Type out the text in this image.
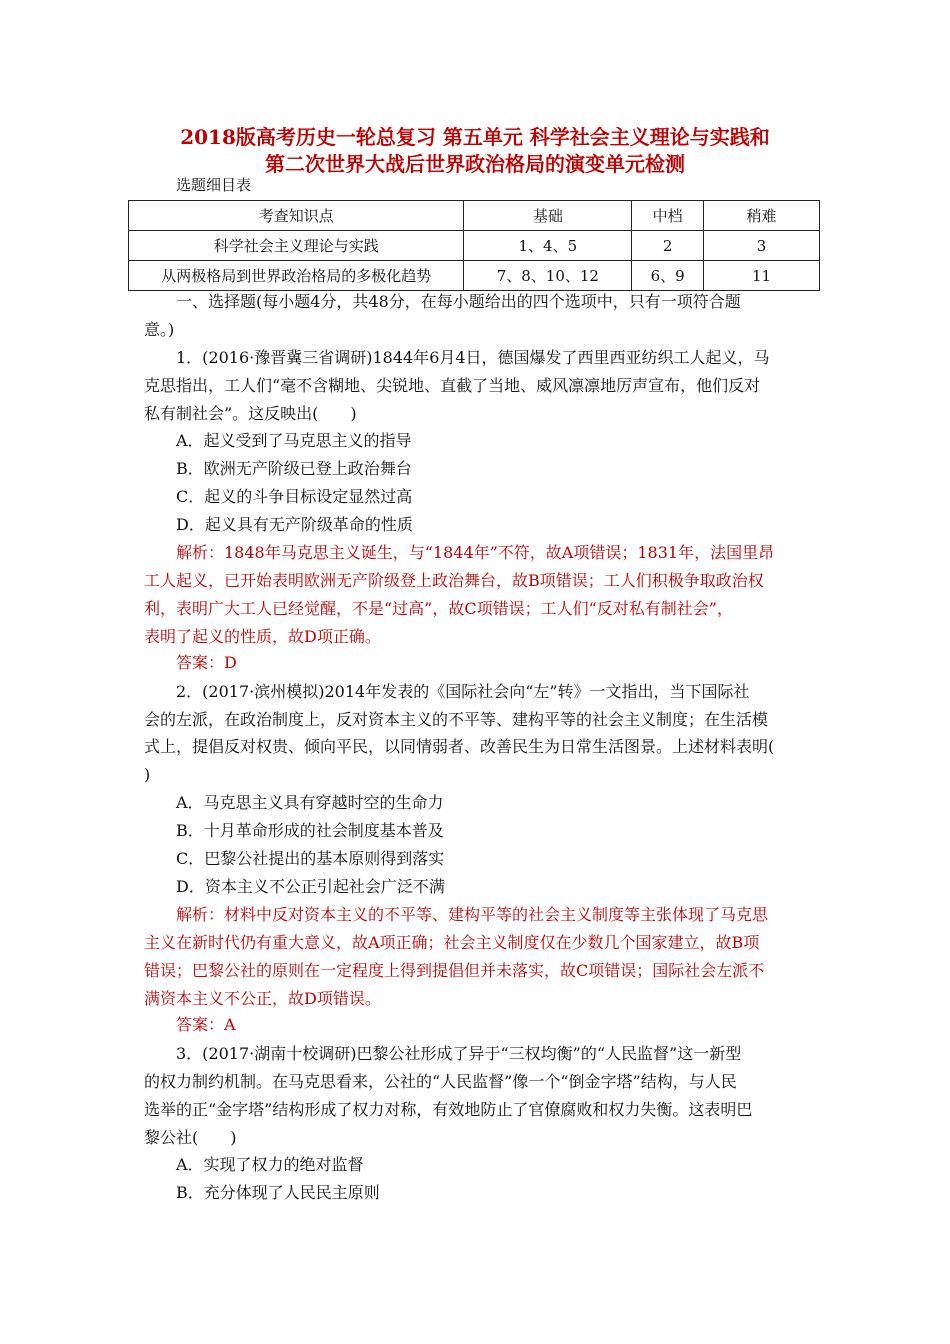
2018版高考历史一轮总复习 第五单元 科学社会主义理论与实践和
第二次世界大战后世界政治格局的演变单元检测
选题细目表
考查知识点	基础	中档	稍难
科学社会主义理论与实践	1、4、5	2	3
从两极格局到世界政治格局的多极化趋势	7、8、10、12	6、9	11
一、选择题(每小题4分，共48分，在每小题给出的四个选项中，只有一项符合题
意。)
1．(2016·豫晋冀三省调研)1844年6月4日，德国爆发了西里西亚纺织工人起义，马
克思指出，工人们“毫不含糊地、尖锐地、直截了当地、威风凛凛地厉声宣布，他们反对
私有制社会”。这反映出(　　)
A．起义受到了马克思主义的指导
B．欧洲无产阶级已登上政治舞台
C．起义的斗争目标设定显然过高
D．起义具有无产阶级革命的性质
解析：1848年马克思主义诞生，与“1844年”不符，故A项错误；1831年，法国里昂
工人起义，已开始表明欧洲无产阶级登上政治舞台，故B项错误；工人们积极争取政治权
利，表明广大工人已经觉醒，不是“过高”，故C项错误；工人们“反对私有制社会”，
表明了起义的性质，故D项正确。
答案：D
2．(2017·滨州模拟)2014年发表的《国际社会向“左”转》一文指出，当下国际社
会的左派，在政治制度上，反对资本主义的不平等、建构平等的社会主义制度；在生活模
式上，提倡反对权贵、倾向平民，以同情弱者、改善民生为日常生活图景。上述材料表明(
)
A．马克思主义具有穿越时空的生命力
B．十月革命形成的社会制度基本普及
C．巴黎公社提出的基本原则得到落实
D．资本主义不公正引起社会广泛不满
解析：材料中反对资本主义的不平等、建构平等的社会主义制度等主张体现了马克思
主义在新时代仍有重大意义，故A项正确；社会主义制度仅在少数几个国家建立，故B项
错误；巴黎公社的原则在一定程度上得到提倡但并未落实，故C项错误；国际社会左派不
满资本主义不公正，故D项错误。
答案：A
3．(2017·湖南十校调研)巴黎公社形成了异于“三权均衡”的“人民监督”这一新型
的权力制约机制。在马克思看来，公社的“人民监督”像一个“倒金字塔”结构，与人民
选举的正“金字塔”结构形成了权力对称，有效地防止了官僚腐败和权力失衡。这表明巴
黎公社(　　)
A．实现了权力的绝对监督
B．充分体现了人民民主原则
